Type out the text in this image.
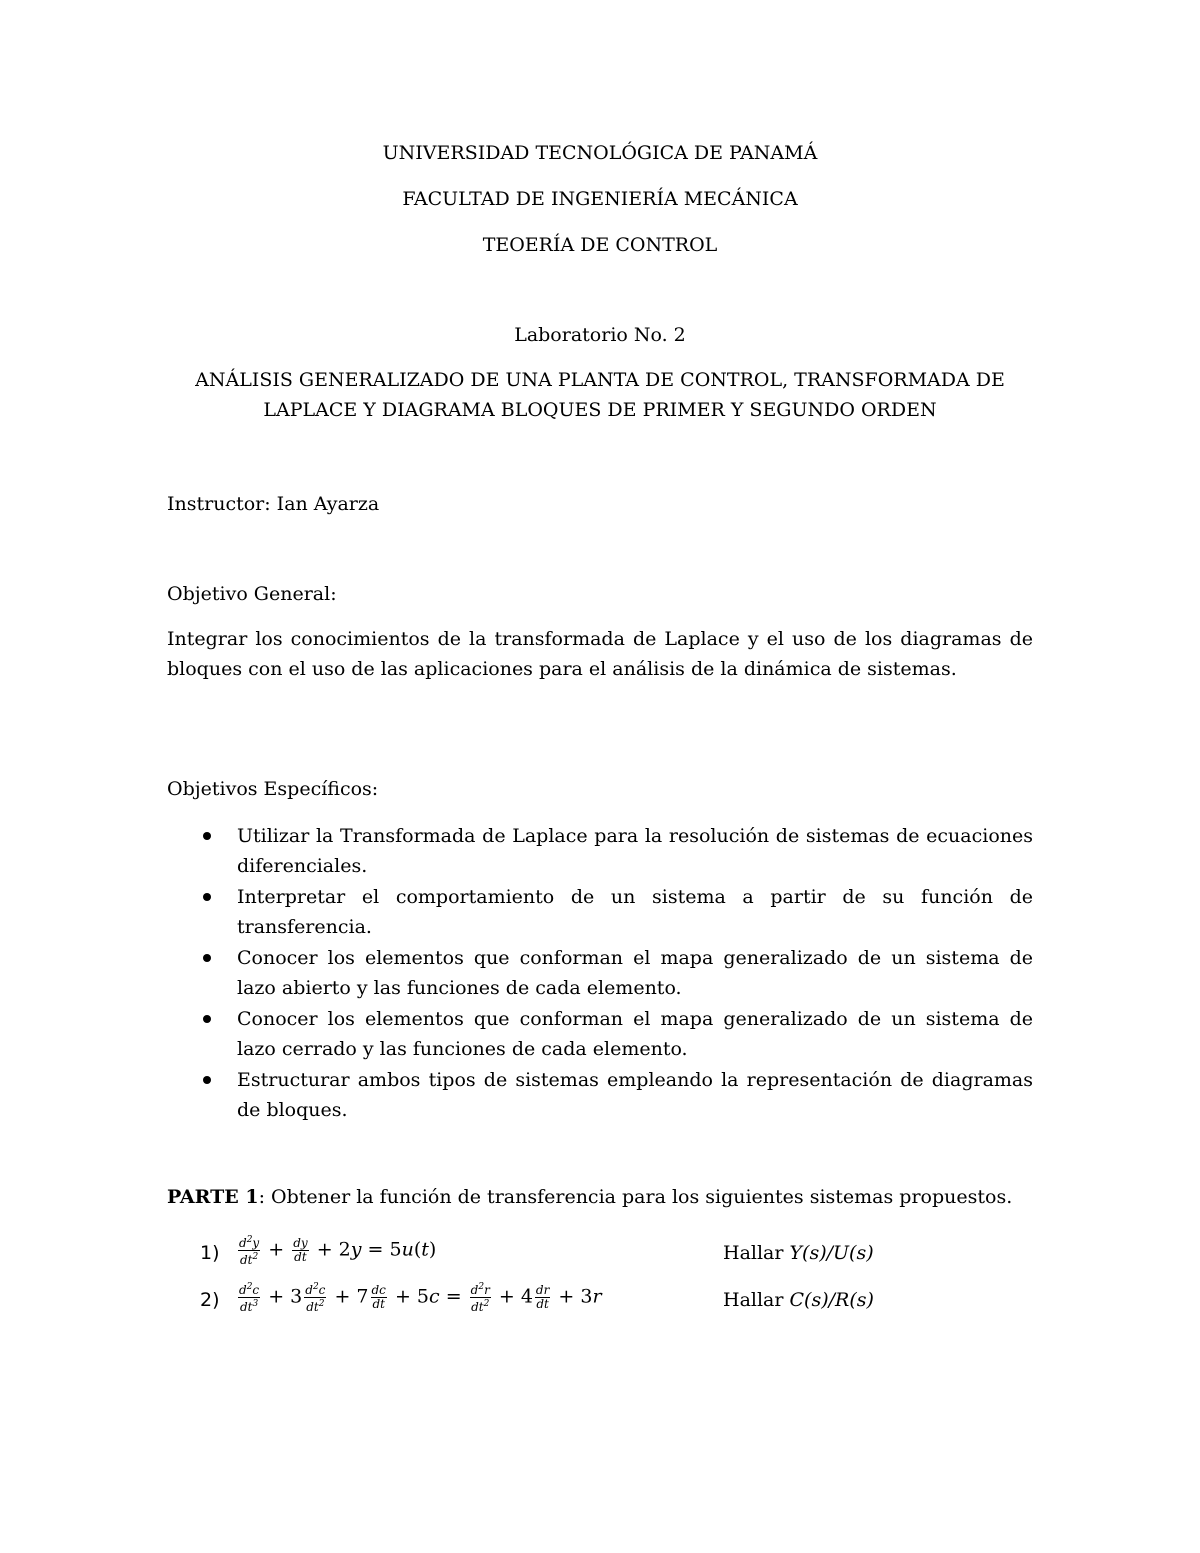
UNIVERSIDAD TECNOLÓGICA DE PANAMÁ
FACULTAD DE INGENIERÍA MECÁNICA
TEOERÍA DE CONTROL
Laboratorio No. 2
ANÁLISIS GENERALIZADO DE UNA PLANTA DE CONTROL, TRANSFORMADA DE
LAPLACE Y DIAGRAMA BLOQUES DE PRIMER Y SEGUNDO ORDEN
Instructor: Ian Ayarza
Objetivo General:
Integrar los conocimientos de la transformada de Laplace y el uso de los diagramas de bloques con el uso de las aplicaciones para el análisis de la dinámica de sistemas.
Objetivos Específicos:
Utilizar la Transformada de Laplace para la resolución de sistemas de ecuaciones diferenciales.
Interpretar el comportamiento de un sistema a partir de su función de transferencia.
Conocer los elementos que conforman el mapa generalizado de un sistema de lazo abierto y las funciones de cada elemento.
Conocer los elementos que conforman el mapa generalizado de un sistema de lazo cerrado y las funciones de cada elemento.
Estructurar ambos tipos de sistemas empleando la representación de diagramas de bloques.
PARTE 1: Obtener la función de transferencia para los siguientes sistemas propuestos.
$1) \frac{d^2y}{dt^2} + \frac{dy}{dt} + 2y = 5u(t)$	Hallar Y(s)/U(s)
$2) \frac{d^2c}{dt^3} + 3 \frac{d^2c}{dt^2} + 7 \frac{dc}{dt} + 5c = \frac{d^2r}{dt^2} + 4 \frac{dr}{dt} + 3r$	Hallar C(s)/R(s)
